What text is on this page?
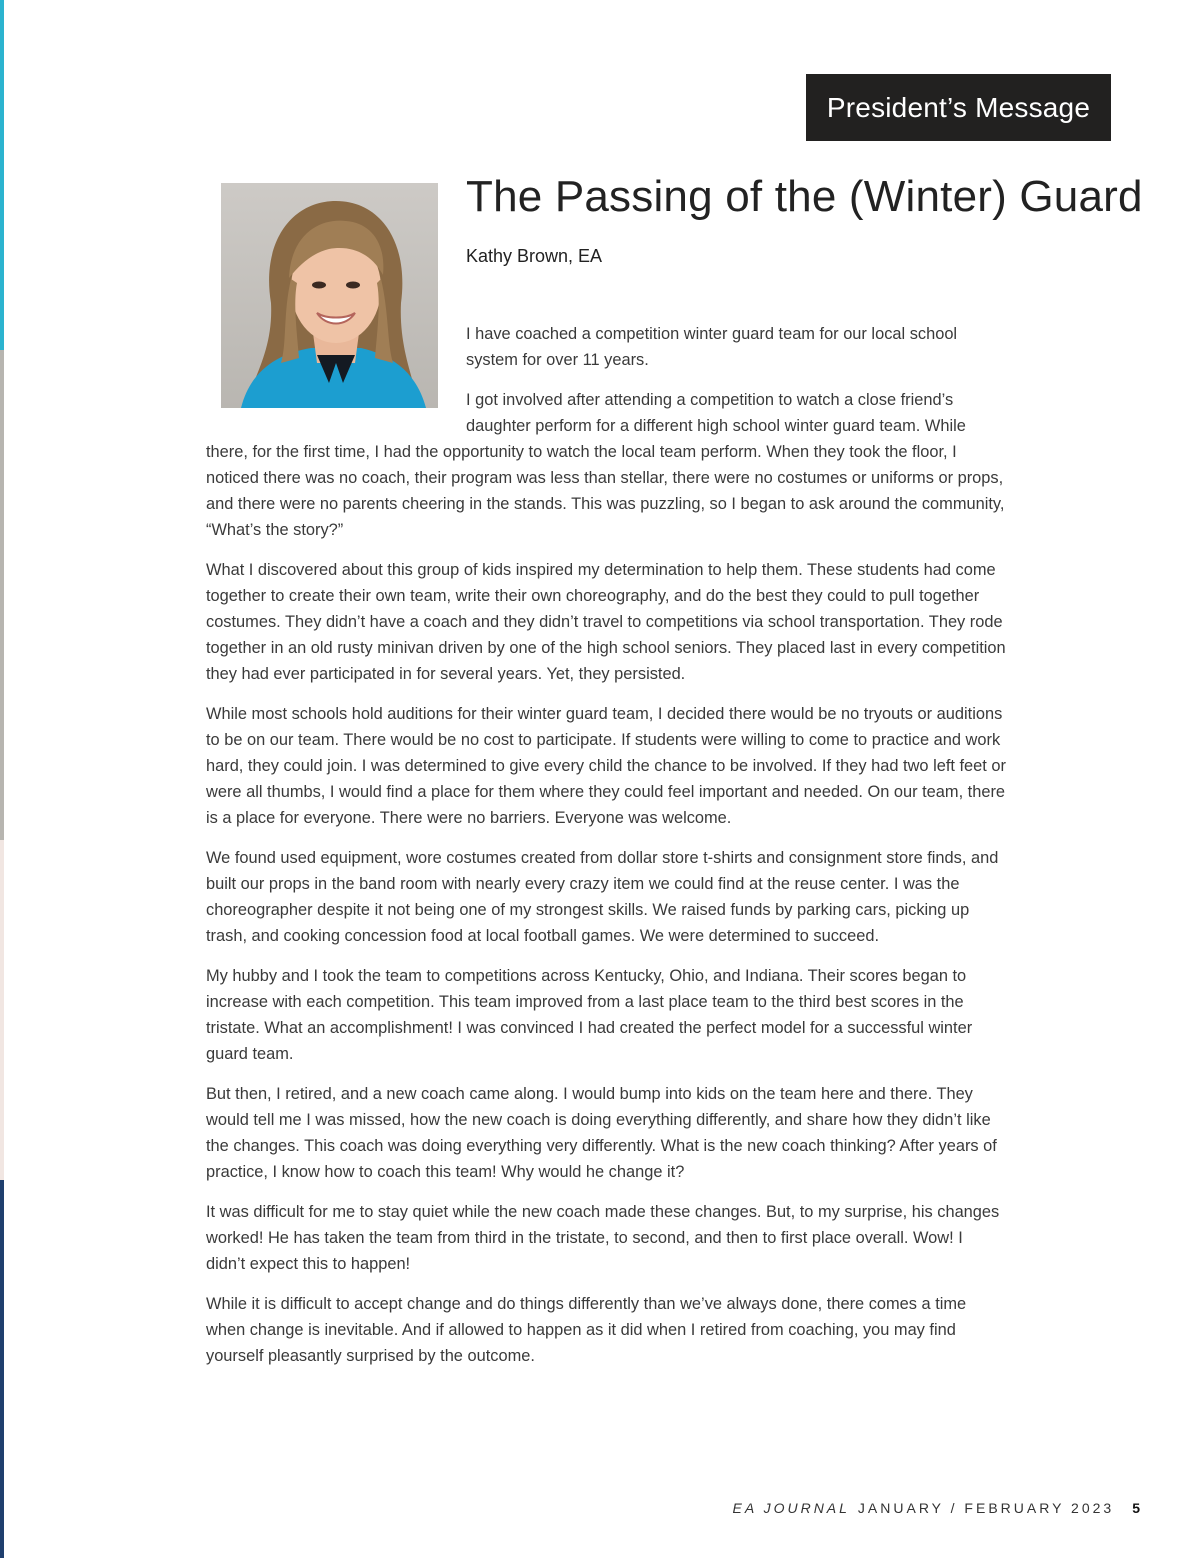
President’s Message
The Passing of the (Winter) Guard
Kathy Brown, EA

I have coached a competition winter guard team for our local school system for over 11 years.

I got involved after attending a competition to watch a close friend’s daughter perform for a different high school winter guard team. While there, for the first time, I had the opportunity to watch the local team perform. When they took the floor, I noticed there was no coach, their program was less than stellar, there were no costumes or uniforms or props, and there were no parents cheering in the stands. This was puzzling, so I began to ask around the community, “What’s the story?”

What I discovered about this group of kids inspired my determination to help them. These students had come together to create their own team, write their own choreography, and do the best they could to pull together costumes. They didn’t have a coach and they didn’t travel to competitions via school transportation. They rode together in an old rusty minivan driven by one of the high school seniors. They placed last in every competition they had ever participated in for several years. Yet, they persisted.

While most schools hold auditions for their winter guard team, I decided there would be no tryouts or auditions to be on our team. There would be no cost to participate. If students were willing to come to practice and work hard, they could join. I was determined to give every child the chance to be involved. If they had two left feet or were all thumbs, I would find a place for them where they could feel important and needed. On our team, there is a place for everyone. There were no barriers. Everyone was welcome.

We found used equipment, wore costumes created from dollar store t-shirts and consignment store finds, and built our props in the band room with nearly every crazy item we could find at the reuse center. I was the choreographer despite it not being one of my strongest skills. We raised funds by parking cars, picking up trash, and cooking concession food at local football games. We were determined to succeed.

My hubby and I took the team to competitions across Kentucky, Ohio, and Indiana. Their scores began to increase with each competition. This team improved from a last place team to the third best scores in the tristate. What an accomplishment! I was convinced I had created the perfect model for a successful winter guard team.

But then, I retired, and a new coach came along. I would bump into kids on the team here and there. They would tell me I was missed, how the new coach is doing everything differently, and share how they didn’t like the changes. This coach was doing everything very differently. What is the new coach thinking? After years of practice, I know how to coach this team! Why would he change it?

It was difficult for me to stay quiet while the new coach made these changes. But, to my surprise, his changes worked! He has taken the team from third in the tristate, to second, and then to first place overall. Wow! I didn’t expect this to happen!

While it is difficult to accept change and do things differently than we’ve always done, there comes a time when change is inevitable. And if allowed to happen as it did when I retired from coaching, you may find yourself pleasantly surprised by the outcome.

EA JOURNAL JANUARY / FEBRUARY 2023 5
